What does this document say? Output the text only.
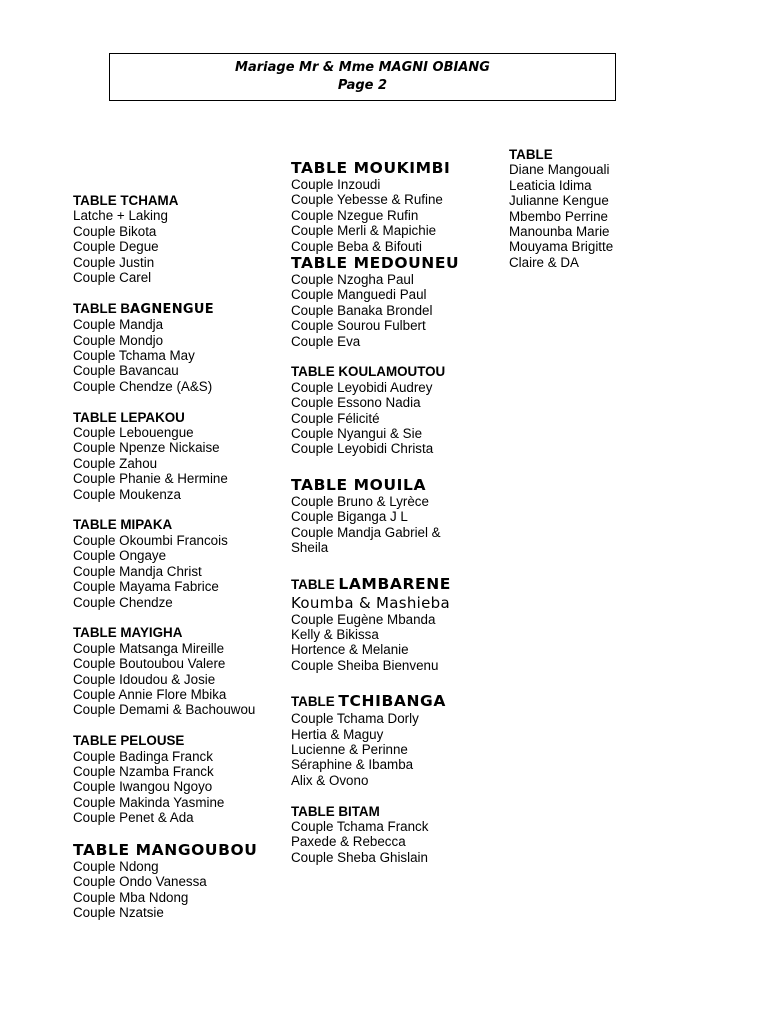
Mariage Mr & Mme MAGNI OBIANG
Page 2
TABLE TCHAMA
Latche + Laking
Couple Bikota
Couple Degue
Couple Justin
Couple Carel
TABLE BAGNENGUE
Couple Mandja
Couple Mondjo
Couple Tchama May
Couple Bavancau
Couple Chendze (A&S)
TABLE LEPAKOU
Couple Lebouengue
Couple Npenze Nickaise
Couple Zahou
Couple Phanie & Hermine
Couple Moukenza
TABLE MIPAKA
Couple Okoumbi Francois
Couple Ongaye
Couple Mandja Christ
Couple Mayama Fabrice
Couple Chendze
TABLE MAYIGHA
Couple Matsanga Mireille
Couple Boutoubou Valere
Couple Idoudou & Josie
Couple Annie Flore Mbika
Couple Demami & Bachouwou
TABLE PELOUSE
Couple Badinga Franck
Couple Nzamba Franck
Couple Iwangou Ngoyo
Couple Makinda Yasmine
Couple Penet & Ada
TABLE MANGOUBOU
Couple Ndong
Couple Ondo Vanessa
Couple Mba Ndong
Couple Nzatsie
TABLE MOUKIMBI
Couple Inzoudi
Couple Yebesse & Rufine
Couple Nzegue Rufin
Couple Merli & Mapichie
Couple Beba & Bifouti
TABLE MEDOUNEU
Couple Nzogha Paul
Couple Manguedi Paul
Couple Banaka Brondel
Couple Sourou Fulbert
Couple Eva
TABLE KOULAMOUTOU
Couple Leyobidi Audrey
Couple Essono Nadia
Couple Félicité
Couple Nyangui & Sie
Couple Leyobidi Christa
TABLE MOUILA
Couple Bruno & Lyrèce
Couple Biganga J L
Couple Mandja Gabriel & Sheila
TABLE LAMBARENE
Koumba & Mashieba
Couple Eugène Mbanda
Kelly & Bikissa
Hortence & Melanie
Couple Sheiba Bienvenu
TABLE TCHIBANGA
Couple Tchama Dorly
Hertia & Maguy
Lucienne & Perinne
Séraphine & Ibamba
Alix & Ovono
TABLE BITAM
Couple Tchama Franck
Paxede & Rebecca
Couple Sheba Ghislain
TABLE
Diane Mangouali
Leaticia Idima
Julianne Kengue
Mbembo Perrine
Manounba Marie
Mouyama Brigitte
Claire & DA
